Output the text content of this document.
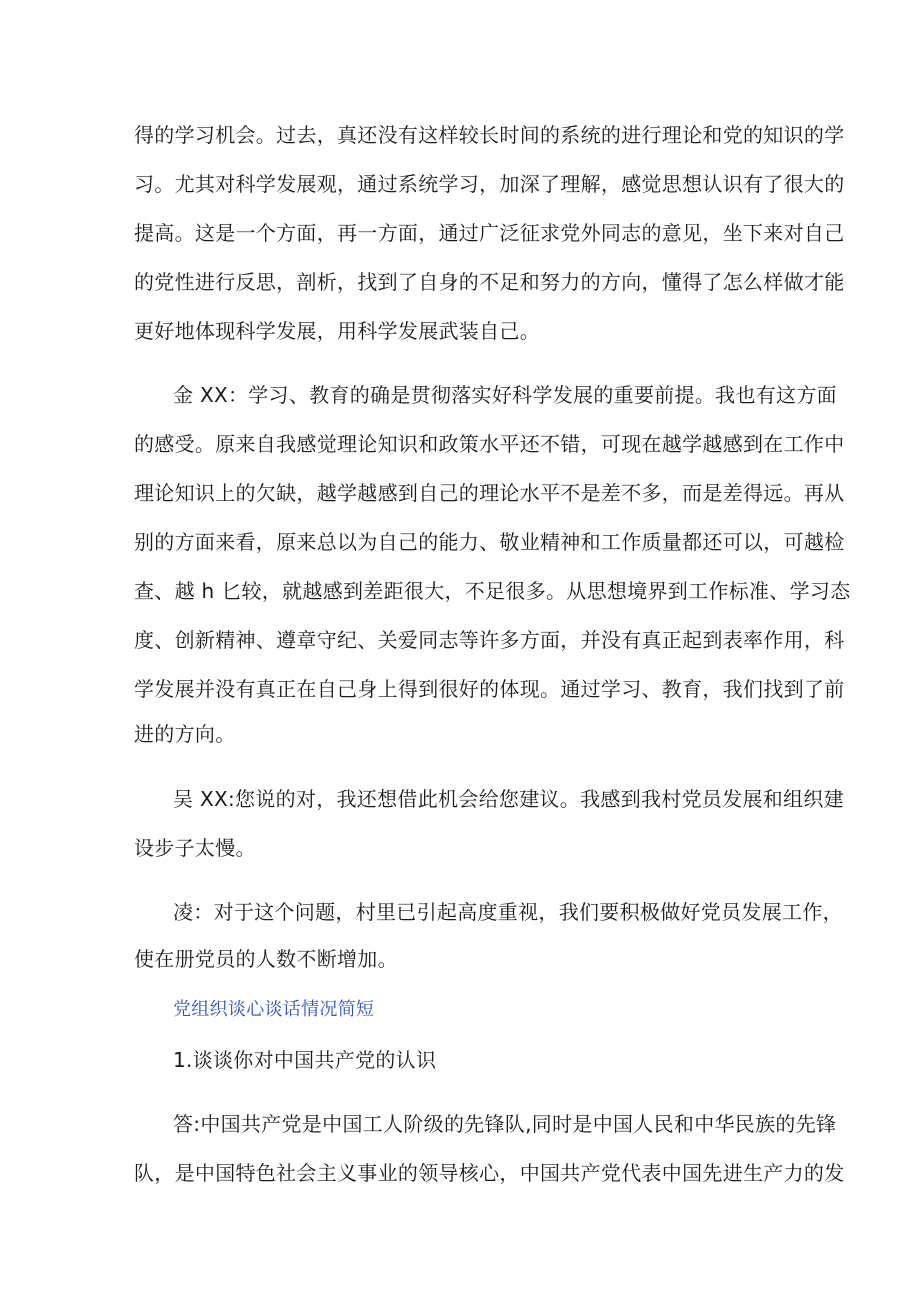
得的学习机会。过去，真还没有这样较长时间的系统的进行理论和党的知识的学
习。尤其对科学发展观，通过系统学习，加深了理解，感觉思想认识有了很大的
提高。这是一个方面，再一方面，通过广泛征求党外同志的意见，坐下来对自己
的党性进行反思，剖析，找到了自身的不足和努力的方向，懂得了怎么样做才能
更好地体现科学发展，用科学发展武装自己。
金 XX：学习、教育的确是贯彻落实好科学发展的重要前提。我也有这方面
的感受。原来自我感觉理论知识和政策水平还不错，可现在越学越感到在工作中
理论知识上的欠缺，越学越感到自己的理论水平不是差不多，而是差得远。再从
别的方面来看，原来总以为自己的能力、敬业精神和工作质量都还可以，可越检
查、越 h 匕较，就越感到差距很大，不足很多。从思想境界到工作标准、学习态
度、创新精神、遵章守纪、关爱同志等许多方面，并没有真正起到表率作用，科
学发展并没有真正在自己身上得到很好的体现。通过学习、教育，我们找到了前
进的方向。
吴 XX:您说的对，我还想借此机会给您建议。我感到我村党员发展和组织建
设步子太慢。
凌：对于这个问题，村里已引起高度重视，我们要积极做好党员发展工作，
使在册党员的人数不断增加。
党组织谈心谈话情况简短
1.谈谈你对中国共产党的认识
答:中国共产党是中国工人阶级的先锋队,同时是中国人民和中华民族的先锋
队，是中国特色社会主义事业的领导核心，中国共产党代表中国先进生产力的发
